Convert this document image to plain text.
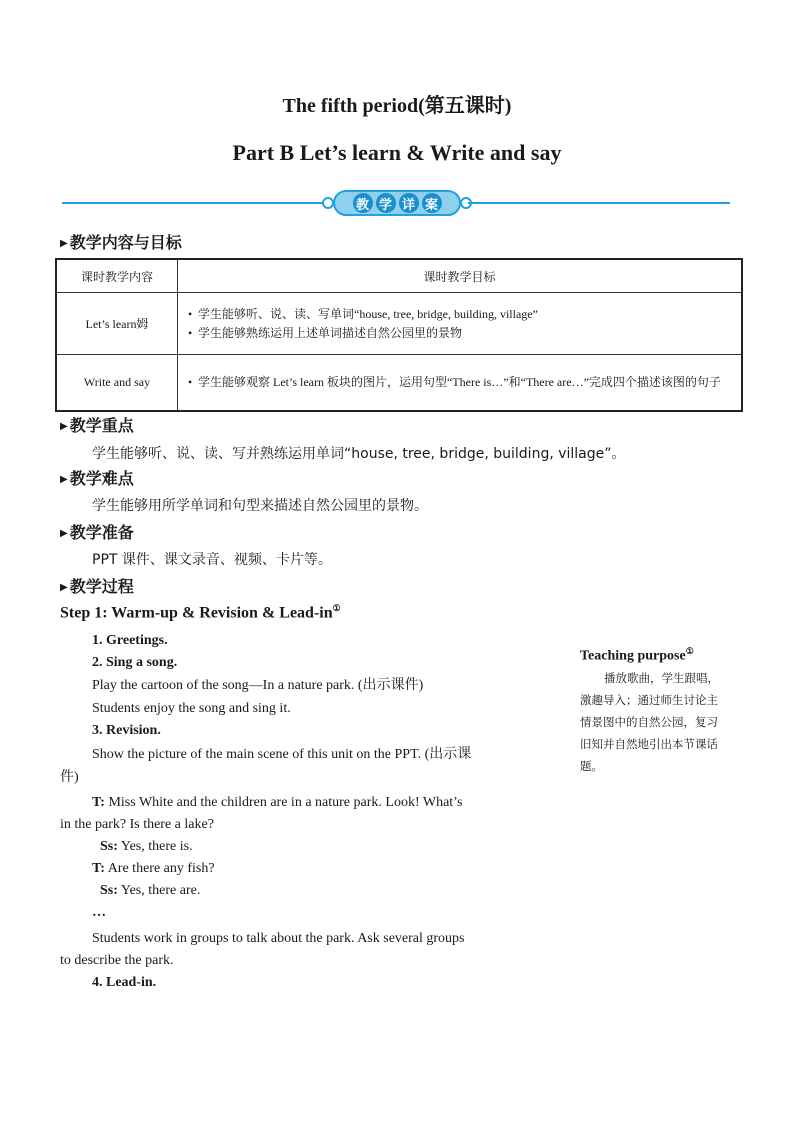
The fifth period(第五课时)
Part B Let’s learn & Write and say
教 学 详 案
▶ 教学内容与目标
课时教学内容	课时教学目标
Let’s learn姆	• 学生能够听、说、读、写单词“house, tree, bridge, building, village”
• 学生能够熟练运用上述单词描述自然公园里的景物

Write and say	• 学生能够观察 Let’s learn 板块的图片，运用句型“There is…”和“There are…”完成四个描述该图的句子
▶ 教学重点
学生能够听、说、读、写并熟练运用单词“house, tree, bridge, building, village”。
▶ 教学难点
学生能够用所学单词和句型来描述自然公园里的景物。
▶ 教学准备
PPT 课件、课文录音、视频、卡片等。
▶ 教学过程
Step 1: Warm-up & Revision & Lead-in①
1. Greetings.
2. Sing a song.
Play the cartoon of the song—In a nature park. (出示课件)
Students enjoy the song and sing it.
3. Revision.
Show the picture of the main scene of this unit on the PPT. (出示课
件)
T: Miss White and the children are in a nature park. Look! What’s
in the park? Is there a lake?
Ss: Yes, there is.
T: Are there any fish?
Ss: Yes, there are.
…
Students work in groups to talk about the park. Ask several groups
to describe the park.
4. Lead-in.
Teaching purpose①
播放歌曲，学生跟唱，
激趣导入；通过师生讨论主
情景图中的自然公园，复习
旧知并自然地引出本节课话
题。
